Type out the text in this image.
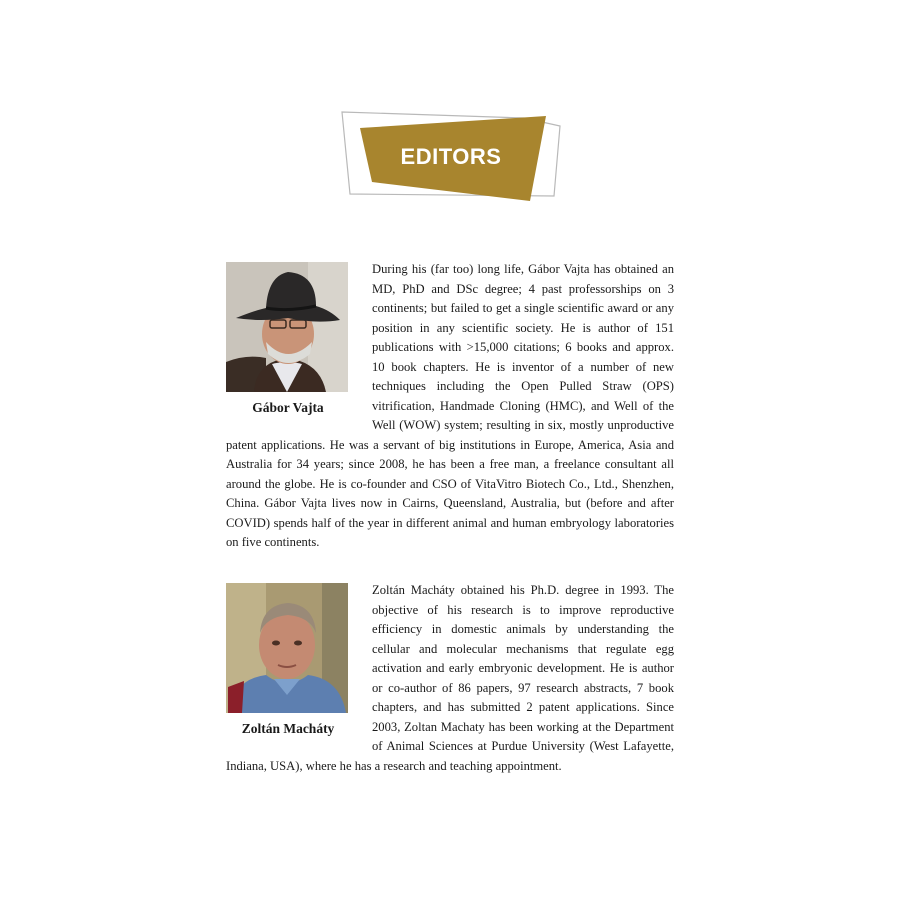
EDITORS
Gábor Vajta

During his (far too) long life, Gábor Vajta has obtained an MD, PhD and DSc degree; 4 past professorships on 3 continents; but failed to get a single scientific award or any position in any scientific society. He is author of 151 publications with >15,000 citations; 6 books and approx. 10 book chapters. He is inventor of a number of new techniques including the Open Pulled Straw (OPS) vitrification, Handmade Cloning (HMC), and Well of the Well (WOW) system; resulting in six, mostly unproductive patent applications. He was a servant of big institutions in Europe, America, Asia and Australia for 34 years; since 2008, he has been a free man, a freelance consultant all around the globe. He is co-founder and CSO of VitaVitro Biotech Co., Ltd., Shenzhen, China. Gábor Vajta lives now in Cairns, Queensland, Australia, but (before and after COVID) spends half of the year in different animal and human embryology laboratories on five continents.

Zoltán Macháty

Zoltán Macháty obtained his Ph.D. degree in 1993. The objective of his research is to improve reproductive efficiency in domestic animals by understanding the cellular and molecular mechanisms that regulate egg activation and early embryonic development. He is author or co-author of 86 papers, 97 research abstracts, 7 book chapters, and has submitted 2 patent applications. Since 2003, Zoltan Machaty has been working at the Department of Animal Sciences at Purdue University (West Lafayette, Indiana, USA), where he has a research and teaching appointment.
